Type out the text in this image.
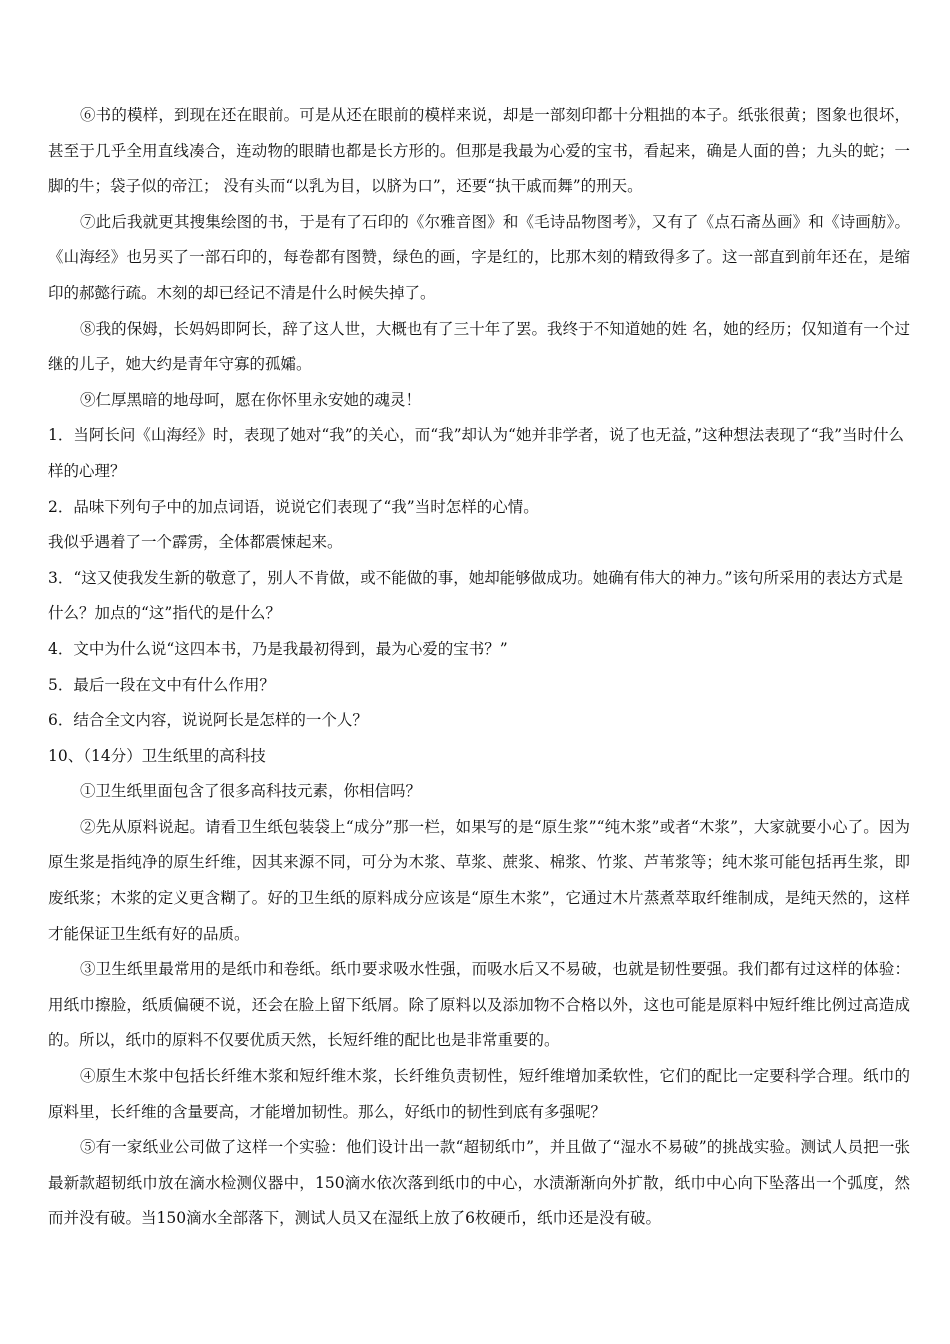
⑥书的模样，到现在还在眼前。可是从还在眼前的模样来说，却是一部刻印都十分粗拙的本子。纸张很黄；图象也很坏，甚至于几乎全用直线凑合，连动物的眼睛也都是长方形的。但那是我最为心爱的宝书，看起来，确是人面的兽；九头的蛇；一脚的牛；袋子似的帝江； 没有头而“以乳为目，以脐为口”，还要“执干戚而舞”的刑天。

⑦此后我就更其搜集绘图的书，于是有了石印的《尔雅音图》和《毛诗品物图考》，又有了《点石斋丛画》和《诗画舫》。《山海经》也另买了一部石印的，每卷都有图赞，绿色的画，字是红的，比那木刻的精致得多了。这一部直到前年还在，是缩印的郝懿行疏。木刻的却已经记不清是什么时候失掉了。

⑧我的保姆，长妈妈即阿长，辞了这人世，大概也有了三十年了罢。我终于不知道她的姓 名，她的经历；仅知道有一个过继的儿子，她大约是青年守寡的孤孀。

⑨仁厚黑暗的地母呵，愿在你怀里永安她的魂灵！

1．当阿长问《山海经》时，表现了她对“我”的关心，而“我”却认为“她并非学者，说了也无益，”这种想法表现了“我”当时什么样的心理？

2．品味下列句子中的加点词语，说说它们表现了“我”当时怎样的心情。

我似乎遇着了一个霹雳，全体都震悚起来。

3．“这又使我发生新的敬意了，别人不肯做，或不能做的事，她却能够做成功。她确有伟大的神力。”该句所采用的表达方式是什么？加点的“这”指代的是什么？

4．文中为什么说“这四本书，乃是我最初得到，最为心爱的宝书？”

5．最后一段在文中有什么作用？

6．结合全文内容，说说阿长是怎样的一个人？

10、（14分）卫生纸里的高科技

①卫生纸里面包含了很多高科技元素，你相信吗？

②先从原料说起。请看卫生纸包装袋上“成分”那一栏，如果写的是“原生浆”“纯木浆”或者“木浆”，大家就要小心了。因为原生浆是指纯净的原生纤维，因其来源不同，可分为木浆、草浆、蔗浆、棉浆、竹浆、芦苇浆等；纯木浆可能包括再生浆，即废纸浆；木浆的定义更含糊了。好的卫生纸的原料成分应该是“原生木浆”，它通过木片蒸煮萃取纤维制成，是纯天然的，这样才能保证卫生纸有好的品质。

③卫生纸里最常用的是纸巾和卷纸。纸巾要求吸水性强，而吸水后又不易破，也就是韧性要强。我们都有过这样的体验：用纸巾擦脸，纸质偏硬不说，还会在脸上留下纸屑。除了原料以及添加物不合格以外，这也可能是原料中短纤维比例过高造成的。所以，纸巾的原料不仅要优质天然，长短纤维的配比也是非常重要的。

④原生木浆中包括长纤维木浆和短纤维木浆，长纤维负责韧性，短纤维增加柔软性，它们的配比一定要科学合理。纸巾的原料里，长纤维的含量要高，才能增加韧性。那么，好纸巾的韧性到底有多强呢？

⑤有一家纸业公司做了这样一个实验：他们设计出一款“超韧纸巾”，并且做了“湿水不易破”的挑战实验。测试人员把一张最新款超韧纸巾放在滴水检测仪器中，150滴水依次落到纸巾的中心，水渍渐渐向外扩散，纸巾中心向下坠落出一个弧度，然而并没有破。当150滴水全部落下，测试人员又在湿纸上放了6枚硬币，纸巾还是没有破。
